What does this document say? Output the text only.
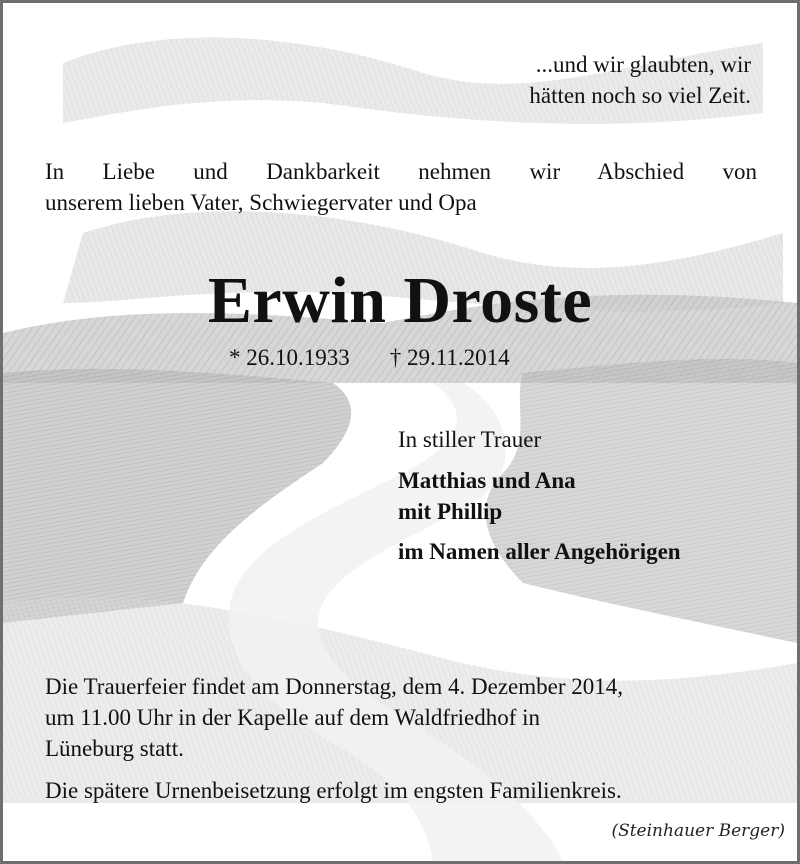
...und wir glaubten, wir
hätten noch so viel Zeit.

In Liebe und Dankbarkeit nehmen wir Abschied von
unserem lieben Vater, Schwiegervater und Opa

Erwin Droste

* 26.10.1933 † 29.11.2014

In stiller Trauer

Matthias und Ana
mit Phillip

im Namen aller Angehörigen

Die Trauerfeier findet am Donnerstag, dem 4. Dezember 2014,
um 11.00 Uhr in der Kapelle auf dem Waldfriedhof in
Lüneburg statt.

Die spätere Urnenbeisetzung erfolgt im engsten Familienkreis.

(Steinhauer Berger)
